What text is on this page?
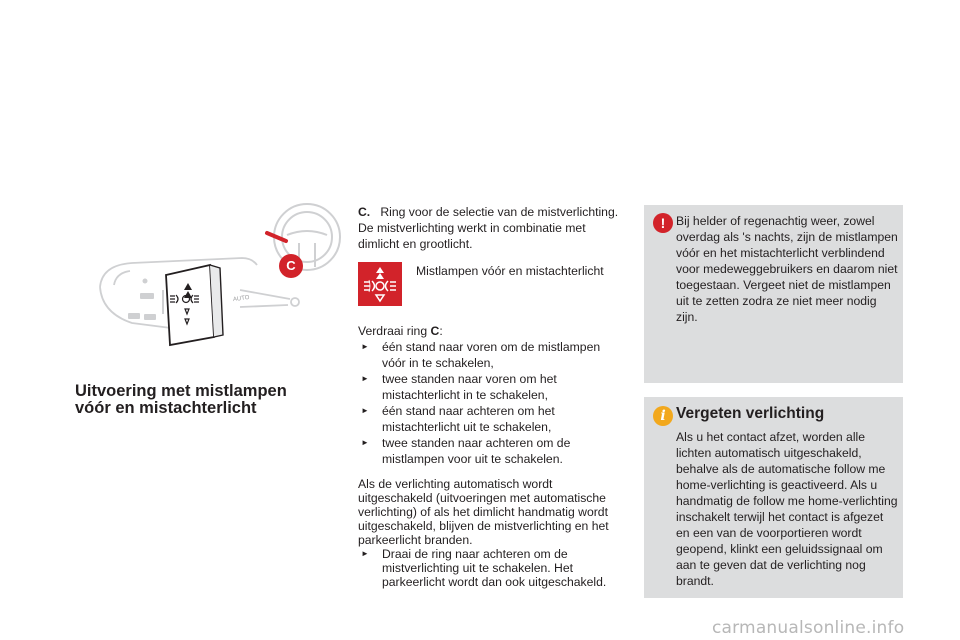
C
AUTO
Uitvoering met mistlampen vóór en mistachterlicht
C. Ring voor de selectie van de mistverlichting.
De mistverlichting werkt in combinatie met dimlicht en grootlicht.
Mistlampen vóór en mistachterlicht
Verdraai ring C:
► één stand naar voren om de mistlampen vóór in te schakelen,
► twee standen naar voren om het mistachterlicht in te schakelen,
► één stand naar achteren om het mistachterlicht uit te schakelen,
► twee standen naar achteren om de mistlampen voor uit te schakelen.
Als de verlichting automatisch wordt uitgeschakeld (uitvoeringen met automatische verlichting) of als het dimlicht handmatig wordt uitgeschakeld, blijven de mistverlichting en het parkeerlicht branden.
► Draai de ring naar achteren om de mistverlichting uit te schakelen. Het parkeerlicht wordt dan ook uitgeschakeld.
! Bij helder of regenachtig weer, zowel overdag als 's nachts, zijn de mistlampen vóór en het mistachterlicht verblindend voor medeweggebruikers en daarom niet toegestaan. Vergeet niet de mistlampen uit te zetten zodra ze niet meer nodig zijn.
i Vergeten verlichting
Als u het contact afzet, worden alle lichten automatisch uitgeschakeld, behalve als de automatische follow me home-verlichting is geactiveerd. Als u handmatig de follow me home-verlichting inschakelt terwijl het contact is afgezet en een van de voorportieren wordt geopend, klinkt een geluidssignaal om aan te geven dat de verlichting nog brandt.
carmanualsonline.info
